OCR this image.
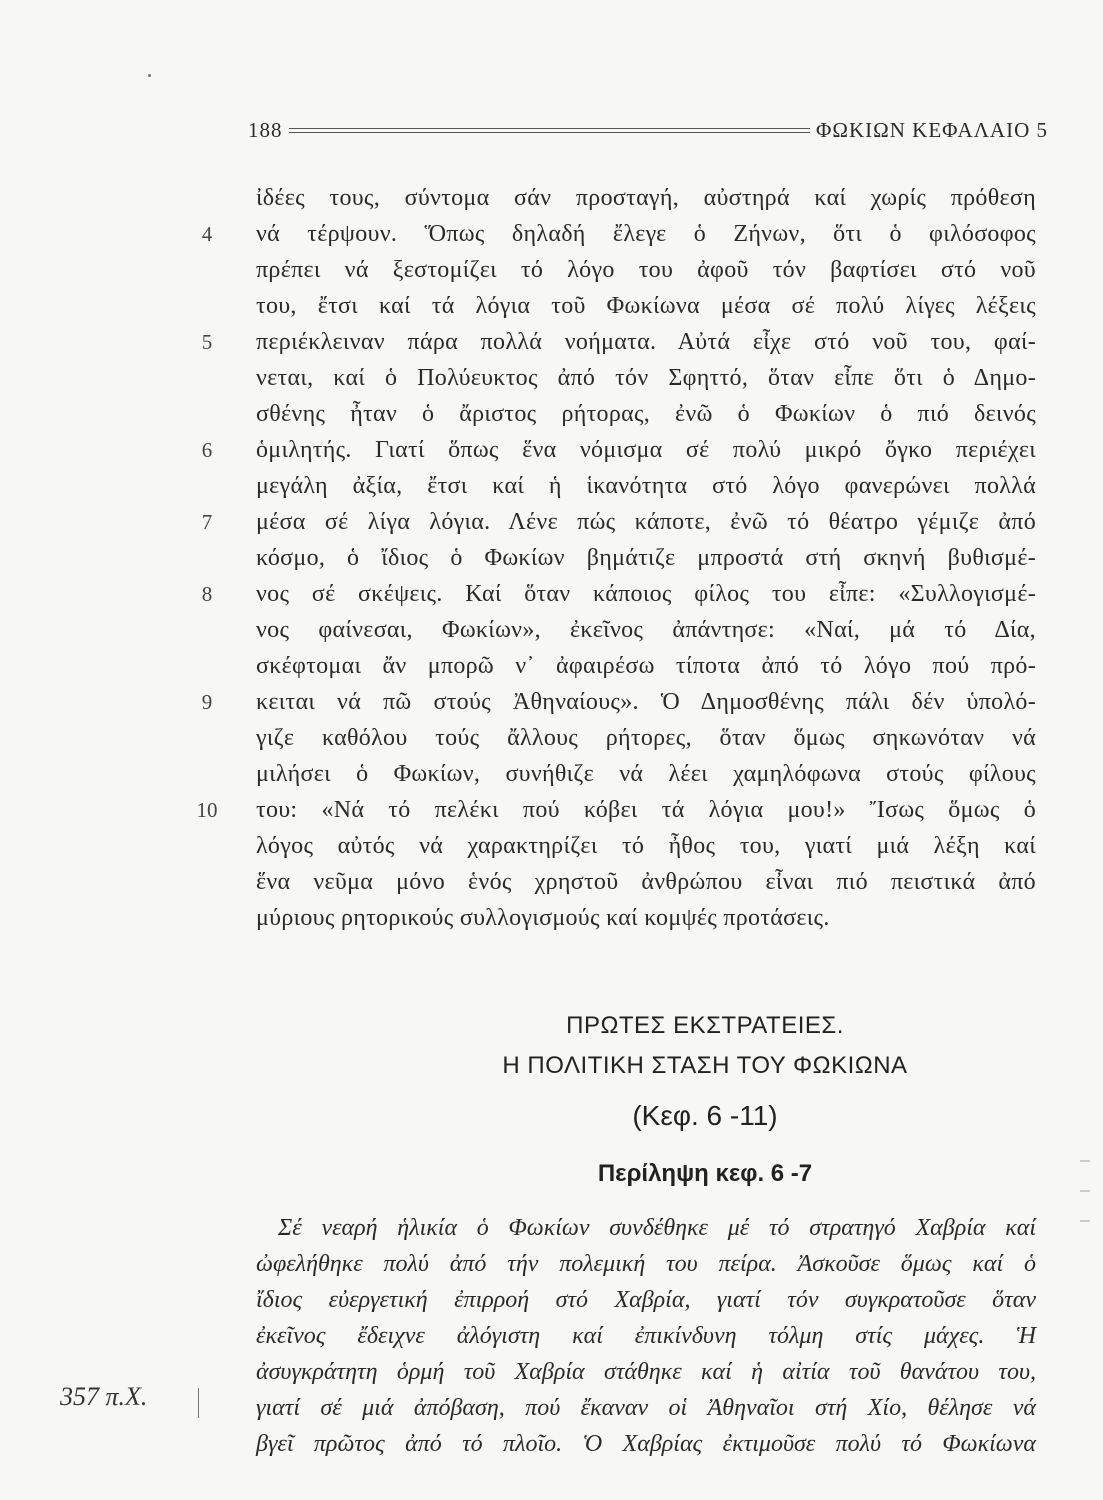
188	ΦΩΚΙΩΝ ΚΕΦΑΛΑΙΟ 5
ἰδέες τους, σύντομα σάν προσταγή, αὐστηρά καί χωρίς πρόθεση
νά τέρψουν. Ὅπως δηλαδή ἔλεγε ὁ Ζήνων, ὅτι ὁ φιλόσοφος
πρέπει νά ξεστομίζει τό λόγο του ἀφοῦ τόν βαφτίσει στό νοῦ
του, ἔτσι καί τά λόγια τοῦ Φωκίωνα μέσα σέ πολύ λίγες λέξεις
περιέκλειναν πάρα πολλά νοήματα. Αὐτά εἶχε στό νοῦ του, φαί-
νεται, καί ὁ Πολύευκτος ἀπό τόν Σφηττό, ὅταν εἶπε ὅτι ὁ Δημο-
σθένης ἦταν ὁ ἄριστος ρήτορας, ἐνῶ ὁ Φωκίων ὁ πιό δεινός
ὁμιλητής. Γιατί ὅπως ἕνα νόμισμα σέ πολύ μικρό ὄγκο περιέχει
μεγάλη ἀξία, ἔτσι καί ἡ ἱκανότητα στό λόγο φανερώνει πολλά
μέσα σέ λίγα λόγια. Λένε πώς κάποτε, ἐνῶ τό θέατρο γέμιζε ἀπό
κόσμο, ὁ ἴδιος ὁ Φωκίων βημάτιζε μπροστά στή σκηνή βυθισμέ-
νος σέ σκέψεις. Καί ὅταν κάποιος φίλος του εἶπε: «Συλλογισμέ-
νος φαίνεσαι, Φωκίων», ἐκεῖνος ἀπάντησε: «Ναί, μά τό Δία,
σκέφτομαι ἄν μπορῶ ν᾿ ἀφαιρέσω τίποτα ἀπό τό λόγο πού πρό-
κειται νά πῶ στούς Ἀθηναίους». Ὁ Δημοσθένης πάλι δέν ὑπολό-
γιζε καθόλου τούς ἄλλους ρήτορες, ὅταν ὅμως σηκωνόταν νά
μιλήσει ὁ Φωκίων, συνήθιζε νά λέει χαμηλόφωνα στούς φίλους
του: «Νά τό πελέκι πού κόβει τά λόγια μου!» Ἴσως ὅμως ὁ
λόγος αὐτός νά χαρακτηρίζει τό ἦθος του, γιατί μιά λέξη καί
ἕνα νεῦμα μόνο ἑνός χρηστοῦ ἀνθρώπου εἶναι πιό πειστικά ἀπό
μύριους ρητορικούς συλλογισμούς καί κομψές προτάσεις.
4
5
6
7
8
9
10
ΠΡΩΤΕΣ ΕΚΣΤΡΑΤΕΙΕΣ.
Η ΠΟΛΙΤΙΚΗ ΣΤΑΣΗ ΤΟΥ ΦΩΚΙΩΝΑ
(Κεφ. 6 -11)
Περίληψη κεφ. 6 -7
Σέ νεαρή ἡλικία ὁ Φωκίων συνδέθηκε μέ τό στρατηγό Χαβρία καί
ὠφελήθηκε πολύ ἀπό τήν πολεμική του πείρα. Ἀσκοῦσε ὅμως καί ὁ
ἴδιος εὐεργετική ἐπιρροή στό Χαβρία, γιατί τόν συγκρατοῦσε ὅταν
ἐκεῖνος ἔδειχνε ἀλόγιστη καί ἐπικίνδυνη τόλμη στίς μάχες. Ἡ
ἀσυγκράτητη ὁρμή τοῦ Χαβρία στάθηκε καί ἡ αἰτία τοῦ θανάτου του,
γιατί σέ μιά ἀπόβαση, πού ἔκαναν οἱ Ἀθηναῖοι στή Χίο, θέλησε νά
βγεῖ πρῶτος ἀπό τό πλοῖο. Ὁ Χαβρίας ἐκτιμοῦσε πολύ τό Φωκίωνα
357 π.Χ.
